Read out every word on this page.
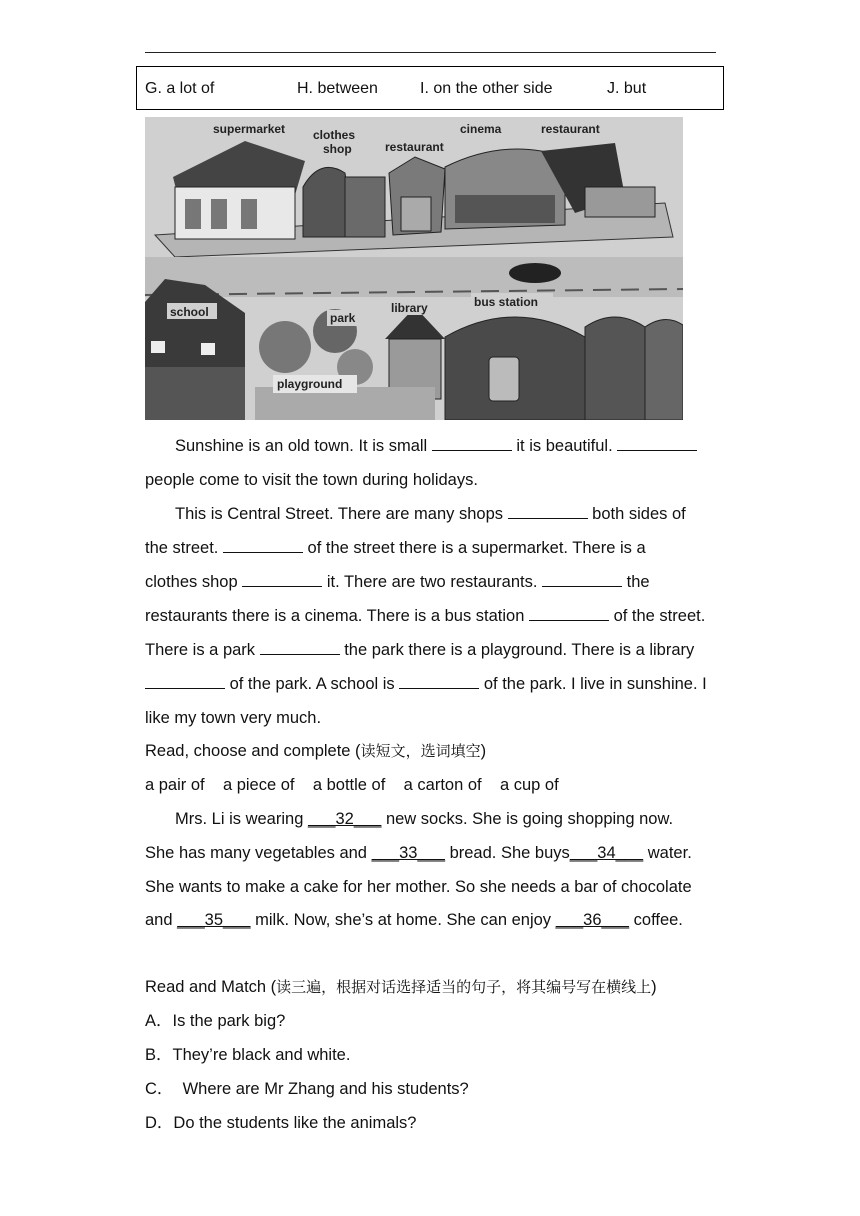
G. a lot of	H. between	I. on the other side	J. but
supermarket clothes
shop	restaurant
cinema	restaurant
school	park
library	bus station
playground
Sunshine is an old town. It is small	it is beautiful.
people come to visit the town during holidays.
This is Central Street. There are many shops	both sides of
the street.	of the street there is a supermarket. There is a
clothes shop	it. There are two restaurants.	the
restaurants there is a cinema. There is a bus station	of the street.
There is a park	the park there is a playground. There is a library
of the park. A school is	of the park. I live in sunshine. I
like my town very much.
Read, choose and complete (读短文，选词填空)
a pair of    a piece of    a bottle of    a carton of    a cup of
Mrs. Li is wearing ___32___ new socks. She is going shopping now.
She has many vegetables and ___33___ bread. She buys___34___ water.
She wants to make a cake for her mother. So she needs a bar of chocolate
and ___35___ milk. Now, she’s at home. She can enjoy ___36___ coffee.
Read and Match (读三遍，根据对话选择适当的句子，将其编号写在横线上)
A．Is the park big?
B．They’re black and white.
C．  Where are Mr Zhang and his students?
D．Do the students like the animals?
